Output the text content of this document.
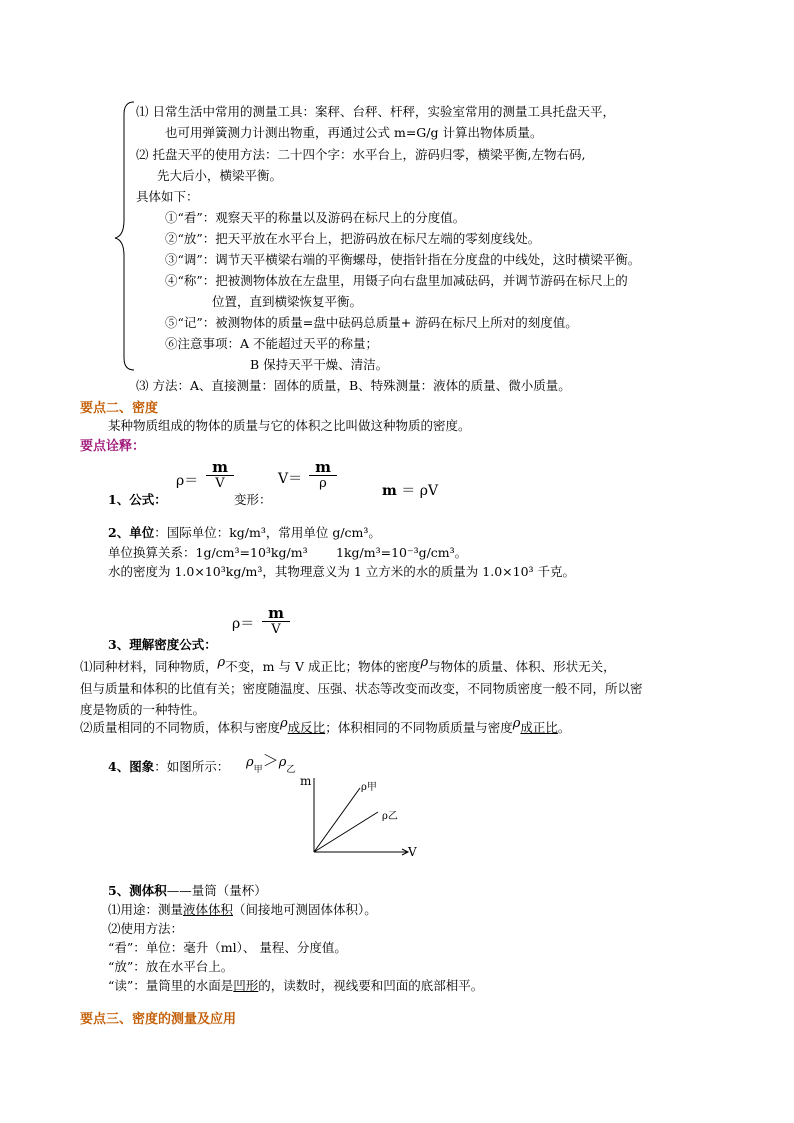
⑴ 日常生活中常用的测量工具：案秤、台秤、杆秤，实验室常用的测量工具托盘天平，
也可用弹簧测力计测出物重，再通过公式 m=G/g 计算出物体质量。
⑵ 托盘天平的使用方法：二十四个字：水平台上，游码归零，横梁平衡,左物右码,
先大后小，横梁平衡。
具体如下：
①“看”：观察天平的称量以及游码在标尺上的分度值。
②“放”：把天平放在水平台上，把游码放在标尺左端的零刻度线处。
③“调”：调节天平横梁右端的平衡螺母，使指针指在分度盘的中线处，这时横梁平衡。
④“称”：把被测物体放在左盘里，用镊子向右盘里加减砝码，并调节游码在标尺上的
位置，直到横梁恢复平衡。
⑤“记”：被测物体的质量=盘中砝码总质量+ 游码在标尺上所对的刻度值。
⑥注意事项：A 不能超过天平的称量；
B 保持天平干燥、清洁。
⑶ 方法：A、直接测量：固体的质量，B、特殊测量：液体的质量、微小质量。
要点二、密度
某种物质组成的物体的质量与它的体积之比叫做这种物质的密度。
要点诠释：
1、公式：
ρ＝
m
V
变形：
V＝
m
ρ	m ＝ ρV
2、单位：国际单位：kg/m³，常用单位 g/cm³。
单位换算关系：1g/cm³=10³kg/m³ 1kg/m³=10⁻³g/cm³。
水的密度为 1.0×10³kg/m³，其物理意义为 1 立方米的水的质量为 1.0×10³ 千克。
ρ＝
m
V
3、理解密度公式：
⑴同种材料，同种物质，ρ不变，m 与 V 成正比；物体的密度ρ与物体的质量、体积、形状无关，
但与质量和体积的比值有关；密度随温度、压强、状态等改变而改变，不同物质密度一般不同，所以密
度是物质的一种特性。
⑵质量相同的不同物质，体积与密度ρ成反比；体积相同的不同物质质量与密度ρ成正比。
4、图象：如图所示： $\rho_甲>\rho_乙$
m
V
ρ甲
ρ乙
5、测体积——量筒（量杯）
⑴用途：测量液体体积（间接地可测固体体积）。
⑵使用方法：
“看”：单位：毫升（ml）、 量程、分度值。
“放”：放在水平台上。
“读”：量筒里的水面是凹形的，读数时，视线要和凹面的底部相平。
要点三、密度的测量及应用
